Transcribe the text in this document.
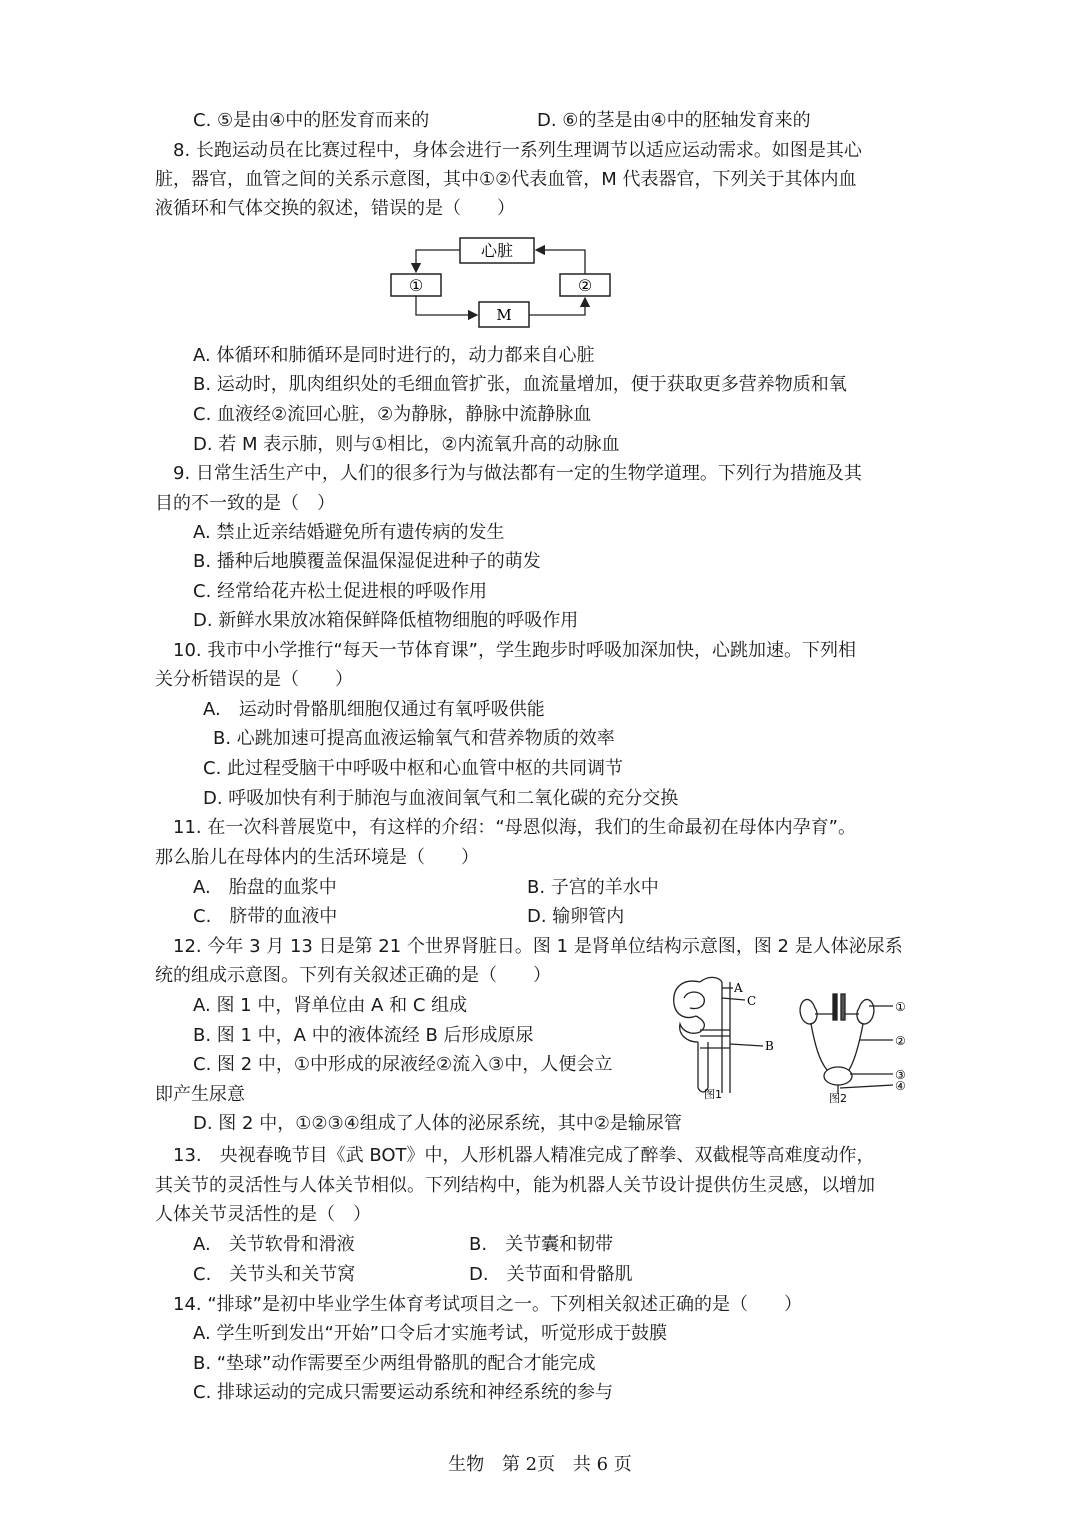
C. ⑤是由④中的胚发育而来的	D. ⑥的茎是由④中的胚轴发育来的
8. 长跑运动员在比赛过程中，身体会进行一系列生理调节以适应运动需求。如图是其心
脏，器官，血管之间的关系示意图，其中①②代表血管，M 代表器官，下列关于其体内血
液循环和气体交换的叙述，错误的是（　　）
心脏
①	②
M
A. 体循环和肺循环是同时进行的，动力都来自心脏
B. 运动时，肌肉组织处的毛细血管扩张，血流量增加，便于获取更多营养物质和氧
C. 血液经②流回心脏，②为静脉，静脉中流静脉血
D. 若 M 表示肺，则与①相比，②内流氧升高的动脉血
9. 日常生活生产中，人们的很多行为与做法都有一定的生物学道理。下列行为措施及其
目的不一致的是（　）
A. 禁止近亲结婚避免所有遗传病的发生
B. 播种后地膜覆盖保温保湿促进种子的萌发
C. 经常给花卉松土促进根的呼吸作用
D. 新鲜水果放冰箱保鲜降低植物细胞的呼吸作用
10. 我市中小学推行“每天一节体育课”，学生跑步时呼吸加深加快，心跳加速。下列相
关分析错误的是（　　）
A.　运动时骨骼肌细胞仅通过有氧呼吸供能
B. 心跳加速可提高血液运输氧气和营养物质的效率
C. 此过程受脑干中呼吸中枢和心血管中枢的共同调节
D. 呼吸加快有利于肺泡与血液间氧气和二氧化碳的充分交换
11. 在一次科普展览中，有这样的介绍：“母恩似海，我们的生命最初在母体内孕育”。
那么胎儿在母体内的生活环境是（　　）
A.　胎盘的血浆中	B. 子宫的羊水中
C.　脐带的血液中	D. 输卵管内
12. 今年 3 月 13 日是第 21 个世界肾脏日。图 1 是肾单位结构示意图，图 2 是人体泌尿系
统的组成示意图。下列有关叙述正确的是（　　）
A. 图 1 中，肾单位由 A 和 C 组成
B. 图 1 中，A 中的液体流经 B 后形成原尿
C. 图 2 中，①中形成的尿液经②流入③中，人便会立
即产生尿意
D. 图 2 中，①②③④组成了人体的泌尿系统，其中②是输尿管
A
C
B
图1
①
②
③
④
图2
13.　央视春晚节目《武 BOT》中，人形机器人精准完成了醉拳、双截棍等高难度动作，
其关节的灵活性与人体关节相似。下列结构中，能为机器人关节设计提供仿生灵感，以增加
人体关节灵活性的是（　）
A.　关节软骨和滑液	B.　关节囊和韧带
C.　关节头和关节窝	D.　关节面和骨骼肌
14. “排球”是初中毕业学生体育考试项目之一。下列相关叙述正确的是（　　）
A. 学生听到发出“开始”口令后才实施考试，听觉形成于鼓膜
B. “垫球”动作需要至少两组骨骼肌的配合才能完成
C. 排球运动的完成只需要运动系统和神经系统的参与
生物 第 2页 共 6 页
